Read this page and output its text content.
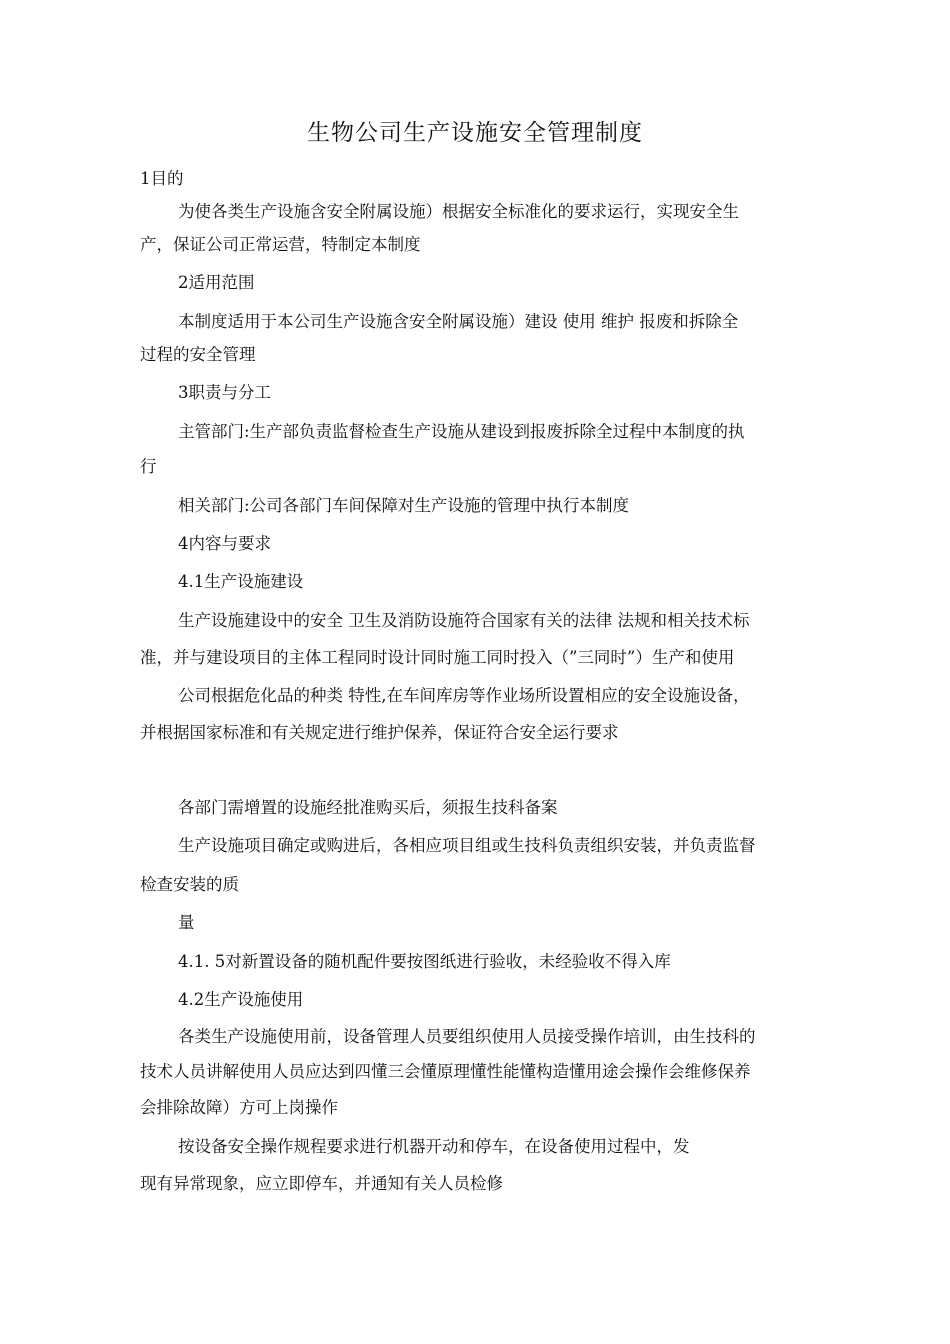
生物公司生产设施安全管理制度
1目的
为使各类生产设施含安全附属设施）根据安全标准化的要求运行，实现安全生
产，保证公司正常运营，特制定本制度
2适用范围
本制度适用于本公司生产设施含安全附属设施）建设 使用 维护 报废和拆除全
过程的安全管理
3职责与分工
主管部门:生产部负责监督检查生产设施从建设到报废拆除全过程中本制度的执
行
相关部门:公司各部门车间保障对生产设施的管理中执行本制度
4内容与要求
4.1生产设施建设
生产设施建设中的安全 卫生及消防设施符合国家有关的法律 法规和相关技术标
准，并与建设项目的主体工程同时设计同时施工同时投入（”三同时”）生产和使用
公司根据危化品的种类 特性,在车间库房等作业场所设置相应的安全设施设备，
并根据国家标准和有关规定进行维护保养，保证符合安全运行要求
各部门需增置的设施经批准购买后，须报生技科备案
生产设施项目确定或购进后，各相应项目组或生技科负责组织安装，并负责监督
检查安装的质
量
4.1. 5对新置设备的随机配件要按图纸进行验收，未经验收不得入库
4.2生产设施使用
各类生产设施使用前，设备管理人员要组织使用人员接受操作培训，由生技科的
技术人员讲解使用人员应达到四懂三会懂原理懂性能懂构造懂用途会操作会维修保养
会排除故障）方可上岗操作
按设备安全操作规程要求进行机器开动和停车，在设备使用过程中，发
现有异常现象，应立即停车，并通知有关人员检修
